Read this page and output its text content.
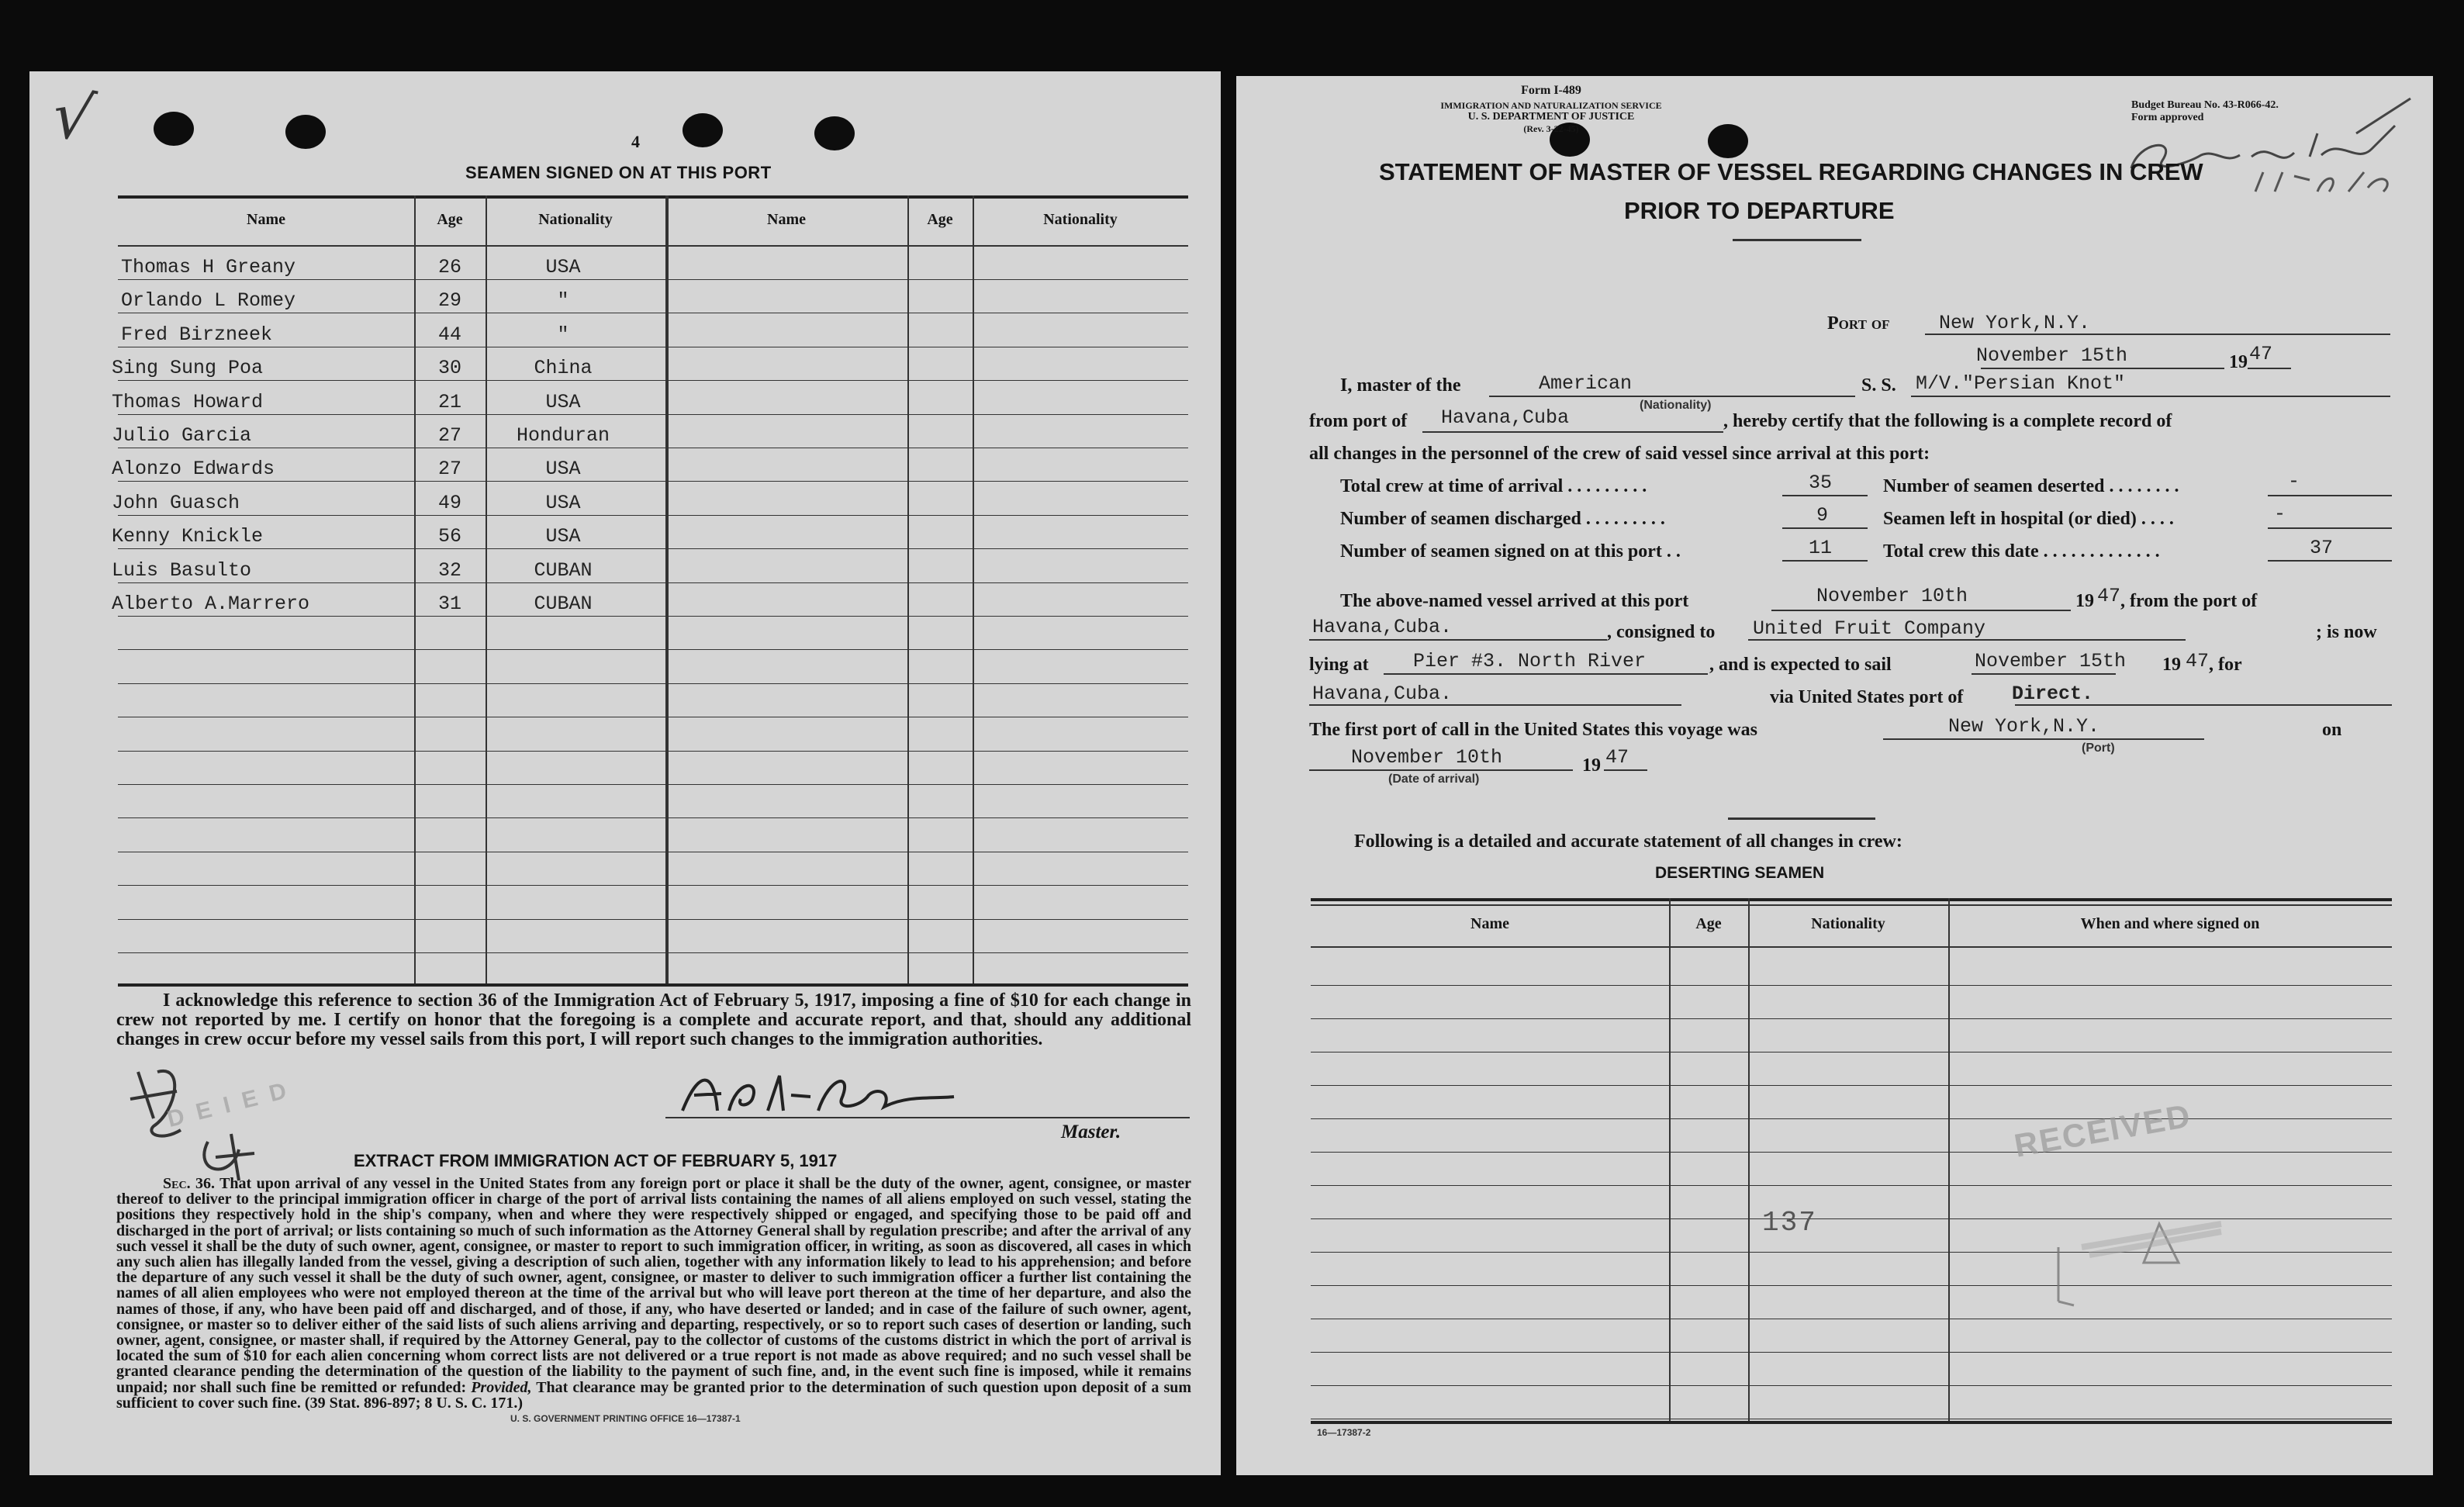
√	4
SEAMEN SIGNED ON AT THIS PORT
Name	Age	Nationality	Name	Age	Nationality
Thomas H Greany	26	USA
Orlando L Romey	29	"
Fred Birzneek	44	"
Sing Sung Poa	30	China
Thomas Howard	21	USA
Julio Garcia	27	Honduran
Alonzo Edwards	27	USA
John Guasch	49	USA
Kenny Knickle	56	USA
Luis Basulto	32	CUBAN
Alberto A.Marrero	31	CUBAN
I acknowledge this reference to section 36 of the Immigration Act of February 5, 1917, imposing a fine of $10 for each change in crew not reported by me. I certify on honor that the foregoing is a complete and accurate report, and that, should any additional changes in crew occur before my vessel sails from this port, I will report such changes to the immigration authorities.
Master.
D E I E D
EXTRACT FROM IMMIGRATION ACT OF FEBRUARY 5, 1917
Sec. 36. That upon arrival of any vessel in the United States from any foreign port or place it shall be the duty of the owner, agent, consignee, or master thereof to deliver to the principal immigration officer in charge of the port of arrival lists containing the names of all aliens employed on such vessel, stating the positions they respectively hold in the ship's company, when and where they were respectively shipped or engaged, and specifying those to be paid off and discharged in the port of arrival; or lists containing so much of such information as the Attorney General shall by regulation prescribe; and after the arrival of any such vessel it shall be the duty of such owner, agent, consignee, or master to report to such immigration officer, in writing, as soon as discovered, all cases in which any such alien has illegally landed from the vessel, giving a description of such alien, together with any information likely to lead to his apprehension; and before the departure of any such vessel it shall be the duty of such owner, agent, consignee, or master to deliver to such immigration officer a further list containing the names of all alien employees who were not employed thereon at the time of the arrival but who will leave port thereon at the time of her departure, and also the names of those, if any, who have been paid off and discharged, and of those, if any, who have deserted or landed; and in case of the failure of such owner, agent, consignee, or master so to deliver either of the said lists of such aliens arriving and departing, respectively, or so to report such cases of desertion or landing, such owner, agent, consignee, or master shall, if required by the Attorney General, pay to the collector of customs of the customs district in which the port of arrival is located the sum of $10 for each alien concerning whom correct lists are not delivered or a true report is not made as above required; and no such vessel shall be granted clearance pending the determination of the question of the liability to the payment of such fine, and, in the event such fine is imposed, while it remains unpaid; nor shall such fine be remitted or refunded: Provided, That clearance may be granted prior to the determination of such question upon deposit of a sum sufficient to cover such fine. (39 Stat. 896-897; 8 U. S. C. 171.)
U. S. GOVERNMENT PRINTING OFFICE 16—17387-1
Form I-489
IMMIGRATION AND NATURALIZATION SERVICE
U. S. DEPARTMENT OF JUSTICE
(Rev. 3-22-45)
Budget Bureau No. 43-R066-42.
Form approved
STATEMENT OF MASTER OF VESSEL REGARDING CHANGES IN CREW
PRIOR TO DEPARTURE
Port of	New York,N.Y.
November 15th	19 47
I, master of the	American
(Nationality)
S. S. M/V."Persian Knot"
from port of Havana,Cuba	, hereby certify that the following is a complete record of
all changes in the personnel of the crew of said vessel since arrival at this port:
Total crew at time of arrival . . . . . . . . .	35
Number of seamen discharged . . . . . . . . .	9
Number of seamen signed on at this port . .	11
Number of seamen deserted . . . . . . . .	-
Seamen left in hospital (or died) . . . .	-
Total crew this date . . . . . . . . . . . . .	37
The above-named vessel arrived at this port	November 10th	19 47 , from the port of
Havana,Cuba.	, consigned to United Fruit Company	; is now
lying at Pier #3. North River	, and is expected to sail	November 15th 19 47 , for
Havana,Cuba.	via United States port of	Direct.
The first port of call in the United States this voyage was	New York,N.Y.
(Port)
on
November 10th
(Date of arrival)
19 47
Following is a detailed and accurate statement of all changes in crew:
DESERTING SEAMEN
Name	Age	Nationality	When and where signed on
137
RECEIVED
16—17387-2
